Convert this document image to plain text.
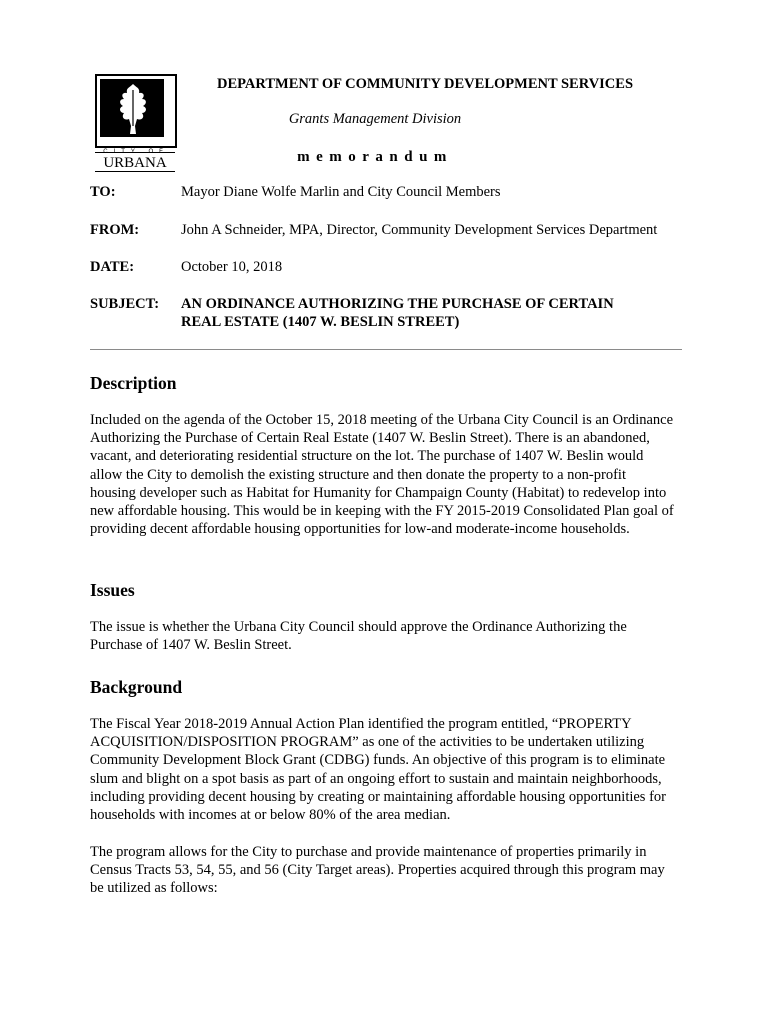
CITY OF
URBANA
DEPARTMENT OF COMMUNITY DEVELOPMENT SERVICES
Grants Management Division
memorandum
TO:	Mayor Diane Wolfe Marlin and City Council Members
FROM:	John A Schneider, MPA, Director, Community Development Services Department
DATE:	October 10, 2018
SUBJECT: AN ORDINANCE AUTHORIZING THE PURCHASE OF CERTAIN REAL ESTATE (1407 W. BESLIN STREET)
Description
Included on the agenda of the October 15, 2018 meeting of the Urbana City Council is an Ordinance Authorizing the Purchase of Certain Real Estate (1407 W. Beslin Street). There is an abandoned, vacant, and deteriorating residential structure on the lot. The purchase of 1407 W. Beslin would allow the City to demolish the existing structure and then donate the property to a non-profit housing developer such as Habitat for Humanity for Champaign County (Habitat) to redevelop into new affordable housing. This would be in keeping with the FY 2015-2019 Consolidated Plan goal of providing decent affordable housing opportunities for low-and moderate-income households.
Issues
The issue is whether the Urbana City Council should approve the Ordinance Authorizing the Purchase of 1407 W. Beslin Street.
Background
The Fiscal Year 2018-2019 Annual Action Plan identified the program entitled, “PROPERTY ACQUISITION/DISPOSITION PROGRAM” as one of the activities to be undertaken utilizing Community Development Block Grant (CDBG) funds. An objective of this program is to eliminate slum and blight on a spot basis as part of an ongoing effort to sustain and maintain neighborhoods, including providing decent housing by creating or maintaining affordable housing opportunities for households with incomes at or below 80% of the area median.
The program allows for the City to purchase and provide maintenance of properties primarily in Census Tracts 53, 54, 55, and 56 (City Target areas). Properties acquired through this program may be utilized as follows:
